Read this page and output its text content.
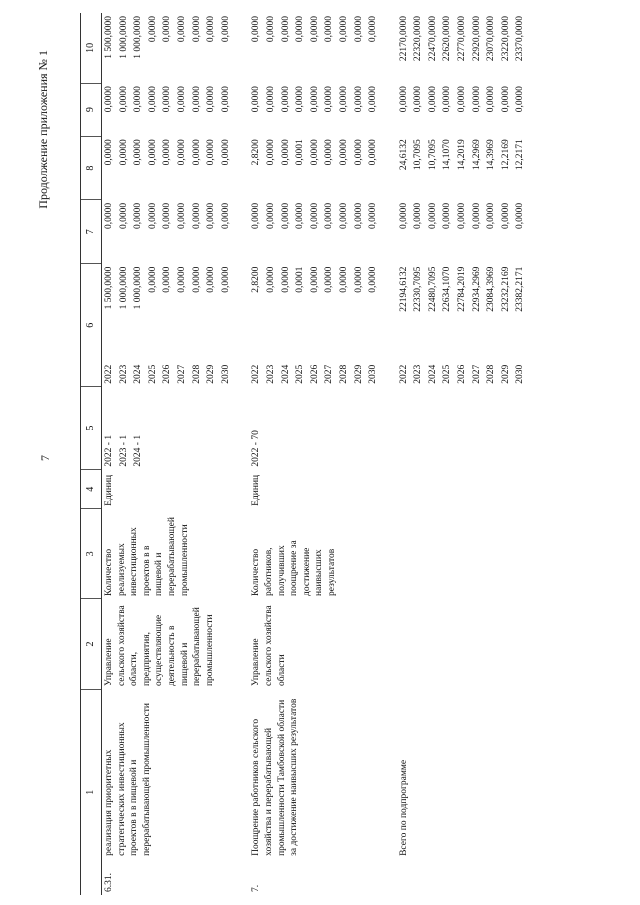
7
Продолжение приложения № 1
1		2	3	4	5	6		7	8	9	10
6.31.	реализация приоритетных стратегических инвестиционных проектов в в пищевой и перерабатывающей промышленности	Управление сельского хозяйства области, предприятия, осуществляющие деятельность в пищевой и перерабатывающей промышленности	Количество реализуемых инвестиционных проектов в в пищевой и перерабатывающей промышленности	Единиц	2022 - 1	2022	1 500,0000	0,0000	0,0000	0,0000	1 500,0000
					2023 - 1	2023	1 000,0000	0,0000	0,0000	0,0000	1 000,0000
					2024 - 1	2024	1 000,0000	0,0000	0,0000	0,0000	1 000,0000
						2025	0,0000	0,0000	0,0000	0,0000	0,0000
						2026	0,0000	0,0000	0,0000	0,0000	0,0000
						2027	0,0000	0,0000	0,0000	0,0000	0,0000
						2028	0,0000	0,0000	0,0000	0,0000	0,0000
						2029	0,0000	0,0000	0,0000	0,0000	0,0000
						2030	0,0000	0,0000	0,0000	0,0000	0,0000

7.	Поощрение работников сельского хозяйства и перерабатывающей промышленности Тамбовской области за достижение наивысших результатов	Управление сельского хозяйства области	Количество работников, получивших поощрение за достижение наивысших результатов	Единиц	2022 - 70	2022	2,8200	0,0000	2,8200	0,0000	0,0000
						2023	0,0000	0,0000	0,0000	0,0000	0,0000
						2024	0,0000	0,0000	0,0000	0,0000	0,0000
						2025	0,0001	0,0000	0,0001	0,0000	0,0000
						2026	0,0000	0,0000	0,0000	0,0000	0,0000
						2027	0,0000	0,0000	0,0000	0,0000	0,0000
						2028	0,0000	0,0000	0,0000	0,0000	0,0000
						2029	0,0000	0,0000	0,0000	0,0000	0,0000
						2030	0,0000	0,0000	0,0000	0,0000	0,0000

	Всего по подпрограмме					2022	22194,6132	0,0000	24,6132	0,0000	22170,0000
						2023	22330,7095	0,0000	10,7095	0,0000	22320,0000
						2024	22480,7095	0,0000	10,7095	0,0000	22470,0000
						2025	22634,1070	0,0000	14,1070	0,0000	22620,0000
						2026	22784,2019	0,0000	14,2019	0,0000	22770,0000
						2027	22934,2969	0,0000	14,2969	0,0000	22920,0000
						2028	23084,3969	0,0000	14,3969	0,0000	23070,0000
						2029	23232,2169	0,0000	12,2169	0,0000	23220,0000
						2030	23382,2171	0,0000	12,2171	0,0000	23370,0000
